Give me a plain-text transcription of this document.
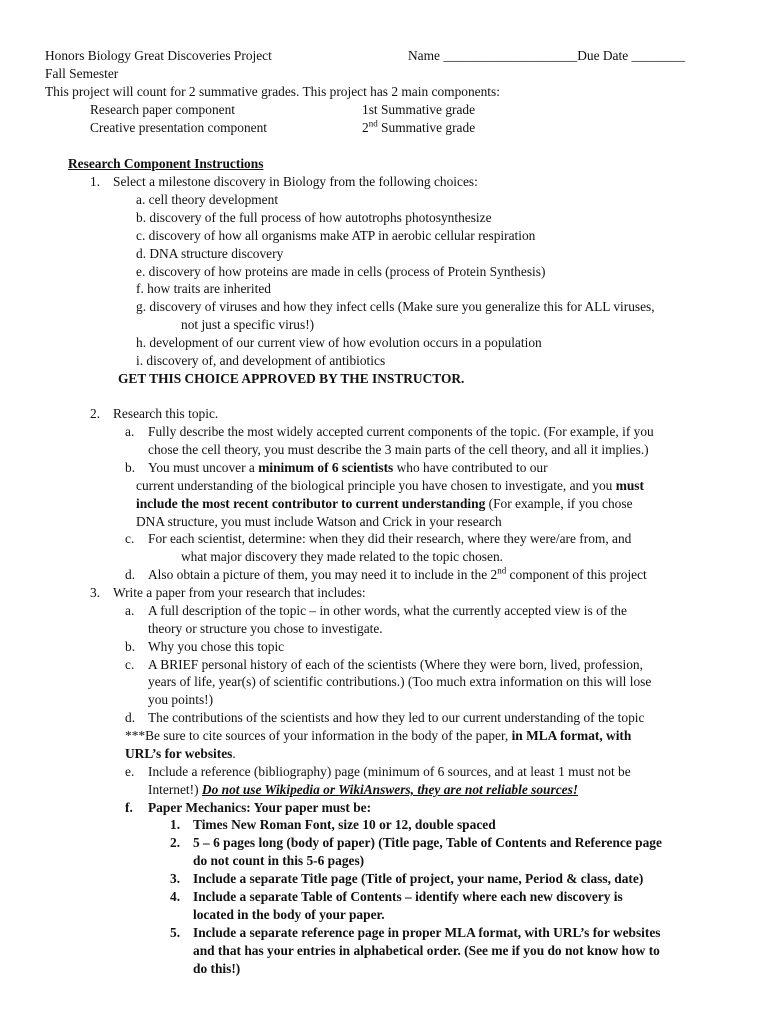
Honors Biology Great Discoveries Project	Name ____________________Due Date ________
Fall Semester
This project will count for 2 summative grades. This project has 2 main components:
Research paper component	1st Summative grade
Creative presentation component	2nd Summative grade
Research Component Instructions
1. Select a milestone discovery in Biology from the following choices:
a. cell theory development
b. discovery of the full process of how autotrophs photosynthesize
c. discovery of how all organisms make ATP in aerobic cellular respiration
d. DNA structure discovery
e. discovery of how proteins are made in cells (process of Protein Synthesis)
f. how traits are inherited
g. discovery of viruses and how they infect cells (Make sure you generalize this for ALL viruses,
not just a specific virus!)
h. development of our current view of how evolution occurs in a population
i. discovery of, and development of antibiotics
GET THIS CHOICE APPROVED BY THE INSTRUCTOR.
2. Research this topic.
a. Fully describe the most widely accepted current components of the topic. (For example, if you
chose the cell theory, you must describe the 3 main parts of the cell theory, and all it implies.)
b. You must uncover a minimum of 6 scientists who have contributed to our
current understanding of the biological principle you have chosen to investigate, and you must
include the most recent contributor to current understanding (For example, if you chose
DNA structure, you must include Watson and Crick in your research
c. For each scientist, determine: when they did their research, where they were/are from, and
what major discovery they made related to the topic chosen.
d. Also obtain a picture of them, you may need it to include in the 2nd component of this project
3. Write a paper from your research that includes:
a. A full description of the topic – in other words, what the currently accepted view is of the
theory or structure you chose to investigate.
b. Why you chose this topic
c. A BRIEF personal history of each of the scientists (Where they were born, lived, profession,
years of life, year(s) of scientific contributions.) (Too much extra information on this will lose
you points!)
d. The contributions of the scientists and how they led to our current understanding of the topic
***Be sure to cite sources of your information in the body of the paper, in MLA format, with
URL’s for websites.
e. Include a reference (bibliography) page (minimum of 6 sources, and at least 1 must not be
Internet!) Do not use Wikipedia or WikiAnswers, they are not reliable sources!
f. Paper Mechanics: Your paper must be:
1. Times New Roman Font, size 10 or 12, double spaced
2. 5 – 6 pages long (body of paper) (Title page, Table of Contents and Reference page
do not count in this 5-6 pages)
3. Include a separate Title page (Title of project, your name, Period & class, date)
4. Include a separate Table of Contents – identify where each new discovery is
located in the body of your paper.
5. Include a separate reference page in proper MLA format, with URL’s for websites
and that has your entries in alphabetical order. (See me if you do not know how to
do this!)
